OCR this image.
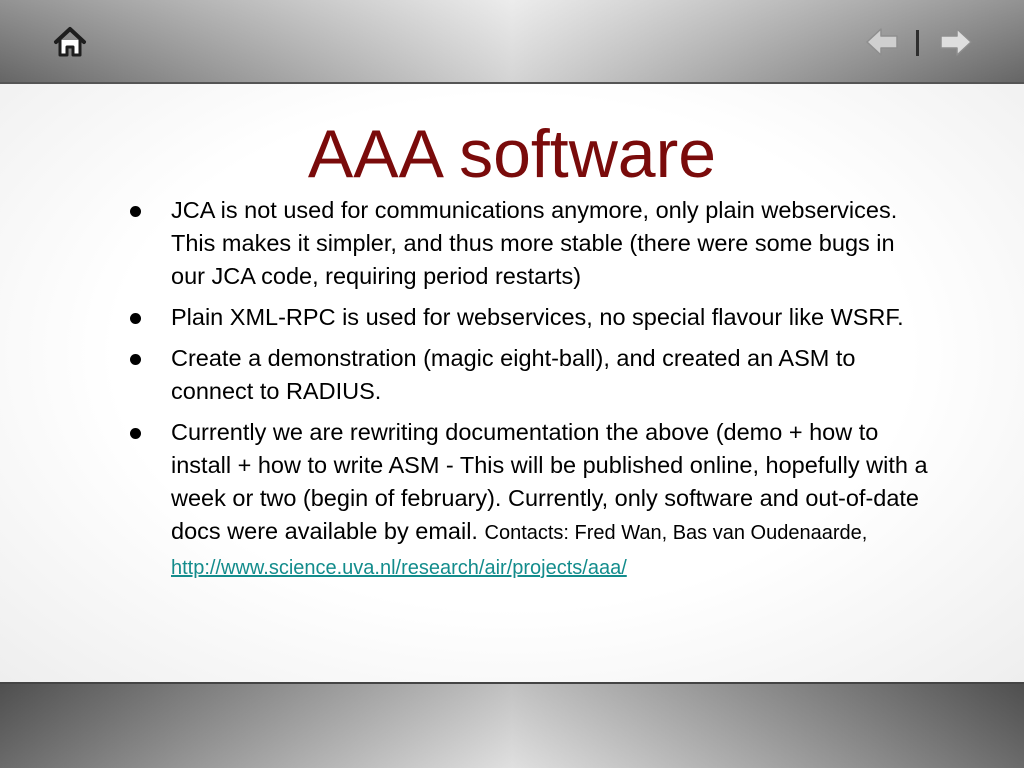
AAA software
JCA is not used for communications anymore, only plain webservices. This makes it simpler, and thus more stable (there were some bugs in our JCA code, requiring period restarts)
Plain XML-RPC is used for webservices, no special flavour like WSRF.
Create a demonstration (magic eight-ball), and created an ASM to connect to RADIUS.
Currently we are rewriting documentation the above (demo + how to install + how to write ASM - This will be published online, hopefully with a week or two (begin of february). Currently, only software and out-of-date docs were available by email. Contacts: Fred Wan, Bas van Oudenaarde,
http://www.science.uva.nl/research/air/projects/aaa/
